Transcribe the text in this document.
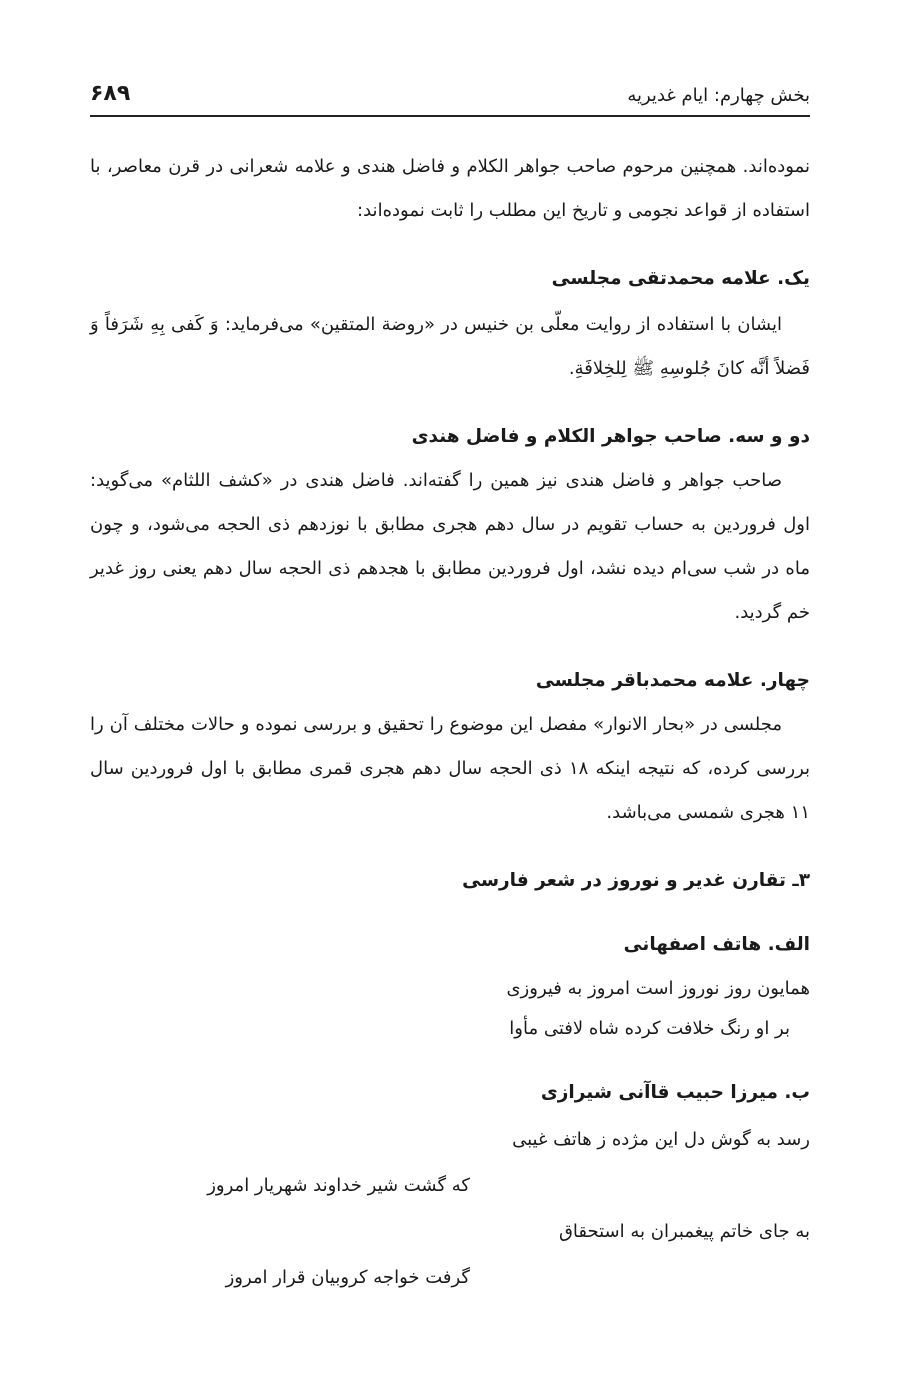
بخش چهارم: ایام غدیریه
۶۸۹

نموده‌اند. همچنین مرحوم صاحب جواهر الکلام و فاضل هندی و علامه شعرانی در قرن معاصر، با استفاده از قواعد نجومی و تاریخ این مطلب را ثابت نموده‌اند:

یک. علامه محمدتقی مجلسی

ایشان با استفاده از روایت معلّی بن خنیس در «روضة المتقین» می‌فرماید: وَ کَفی بِهِ شَرَفاً وَ فَضلاً أنَّه کانَ جُلوسِهِ ﷺ لِلخِلافَةِ.

دو و سه. صاحب جواهر الکلام و فاضل هندی

صاحب جواهر و فاضل هندی نیز همین را گفته‌اند. فاضل هندی در «کشف اللثام» می‌گوید: اول فروردین به حساب تقویم در سال دهم هجری مطابق با نوزدهم ذی الحجه می‌شود، و چون ماه در شب سی‌ام دیده نشد، اول فروردین مطابق با هجدهم ذی الحجه سال دهم یعنی روز غدیر خم گردید.

چهار. علامه محمدباقر مجلسی

مجلسی در «بحار الانوار» مفصل این موضوع را تحقیق و بررسی نموده و حالات مختلف آن را بررسی کرده، که نتیجه اینکه ۱۸ ذی الحجه سال دهم هجری قمری مطابق با اول فروردین سال ۱۱ هجری شمسی می‌باشد.

۳ـ تقارن غدیر و نوروز در شعر فارسی
الف. هاتف اصفهانی

همایون روز نوروز است امروز به فیروزی

بر او رنگ خلافت کرده شاه لافتی مأوا

ب. میرزا حبیب قاآنی شیرازی

رسد به گوش دل این مژده ز هاتف غیبی

که گشت شیر خداوند شهریار امروز

به جای خاتم پیغمبران به استحقاق

گرفت خواجه کروبیان قرار امروز
